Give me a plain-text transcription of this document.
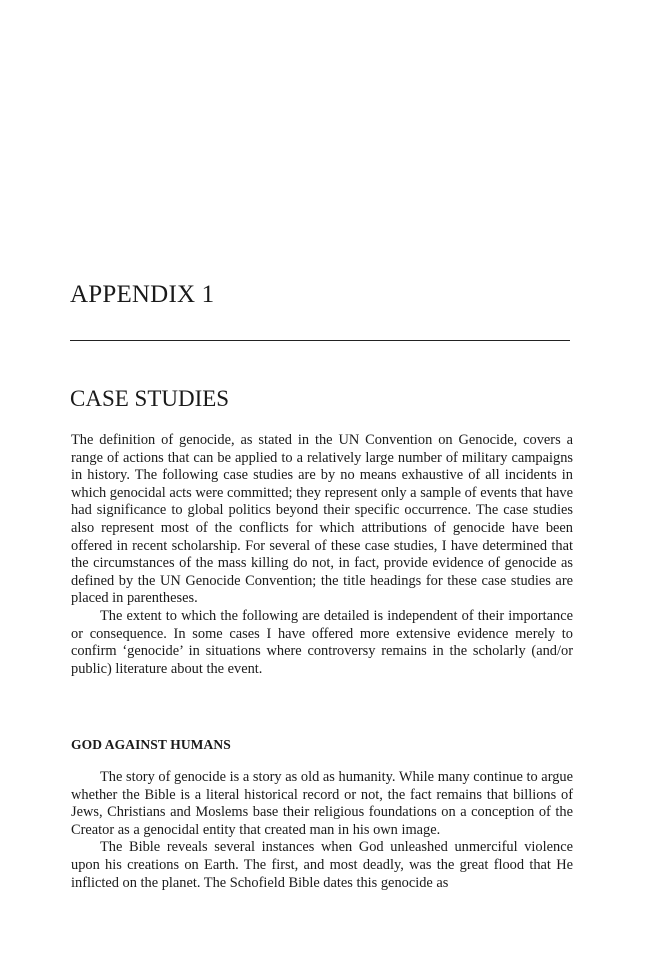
APPENDIX 1
CASE STUDIES

The definition of genocide, as stated in the UN Convention on Genocide, covers a range of actions that can be applied to a relatively large number of military campaigns in history. The following case studies are by no means exhaustive of all incidents in which genocidal acts were committed; they represent only a sample of events that have had significance to global politics beyond their specific occurrence. The case studies also represent most of the conflicts for which attributions of genocide have been offered in recent scholarship. For several of these case studies, I have determined that the circumstances of the mass killing do not, in fact, provide evidence of genocide as defined by the UN Genocide Convention; the title headings for these case studies are placed in parentheses.

The extent to which the following are detailed is independent of their importance or consequence. In some cases I have offered more extensive evidence merely to confirm ‘genocide’ in situations where controversy remains in the scholarly (and/or public) literature about the event.

GOD AGAINST HUMANS

The story of genocide is a story as old as humanity. While many continue to argue whether the Bible is a literal historical record or not, the fact remains that billions of Jews, Christians and Moslems base their religious foundations on a conception of the Creator as a genocidal entity that created man in his own image.

The Bible reveals several instances when God unleashed unmerciful violence upon his creations on Earth. The first, and most deadly, was the great flood that He inflicted on the planet. The Schofield Bible dates this genocide as
